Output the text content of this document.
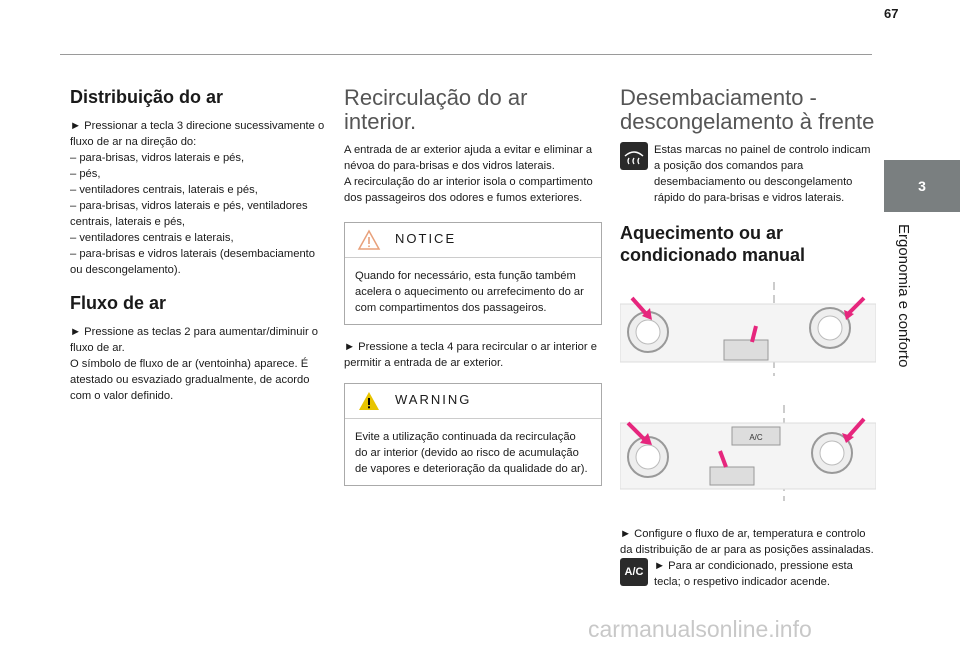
67
3
Ergonomia e conforto
Distribuição do ar

► Pressionar a tecla 3 direcione sucessivamente o fluxo de ar na direção do:

– para-brisas, vidros laterais e pés,
– pés,
– ventiladores centrais, laterais e pés,
– para-brisas, vidros laterais e pés, ventiladores centrais, laterais e pés,
– ventiladores centrais e laterais,
– para-brisas e vidros laterais (desembaciamento ou descongelamento).
Fluxo de ar

► Pressione as teclas 2 para aumentar/diminuir o fluxo de ar.

O símbolo de fluxo de ar (ventoinha) aparece. É atestado ou esvaziado gradualmente, de acordo com o valor definido.

Recirculação do ar interior.

A entrada de ar exterior ajuda a evitar e eliminar a névoa do para-brisas e dos vidros laterais.

A recirculação do ar interior isola o compartimento dos passageiros dos odores e fumos exteriores.

NOTICE

Quando for necessário, esta função também acelera o aquecimento ou arrefecimento do ar com compartimentos dos passageiros.

► Pressione a tecla 4 para recircular o ar interior e permitir a entrada de ar exterior.

WARNING

Evite a utilização continuada da recirculação do ar interior (devido ao risco de acumulação de vapores e deterioração da qualidade do ar).

Desembaciamento - descongelamento à frente

Estas marcas no painel de controlo indicam a posição dos comandos para desembaciamento ou descongelamento rápido do para-brisas e vidros laterais.

Aquecimento ou ar condicionado manual

A/C

► Configure o fluxo de ar, temperatura e controlo da distribuição de ar para as posições assinaladas.

A/C ► Para ar condicionado, pressione esta tecla; o respetivo indicador acende.

carmanualsonline.info
